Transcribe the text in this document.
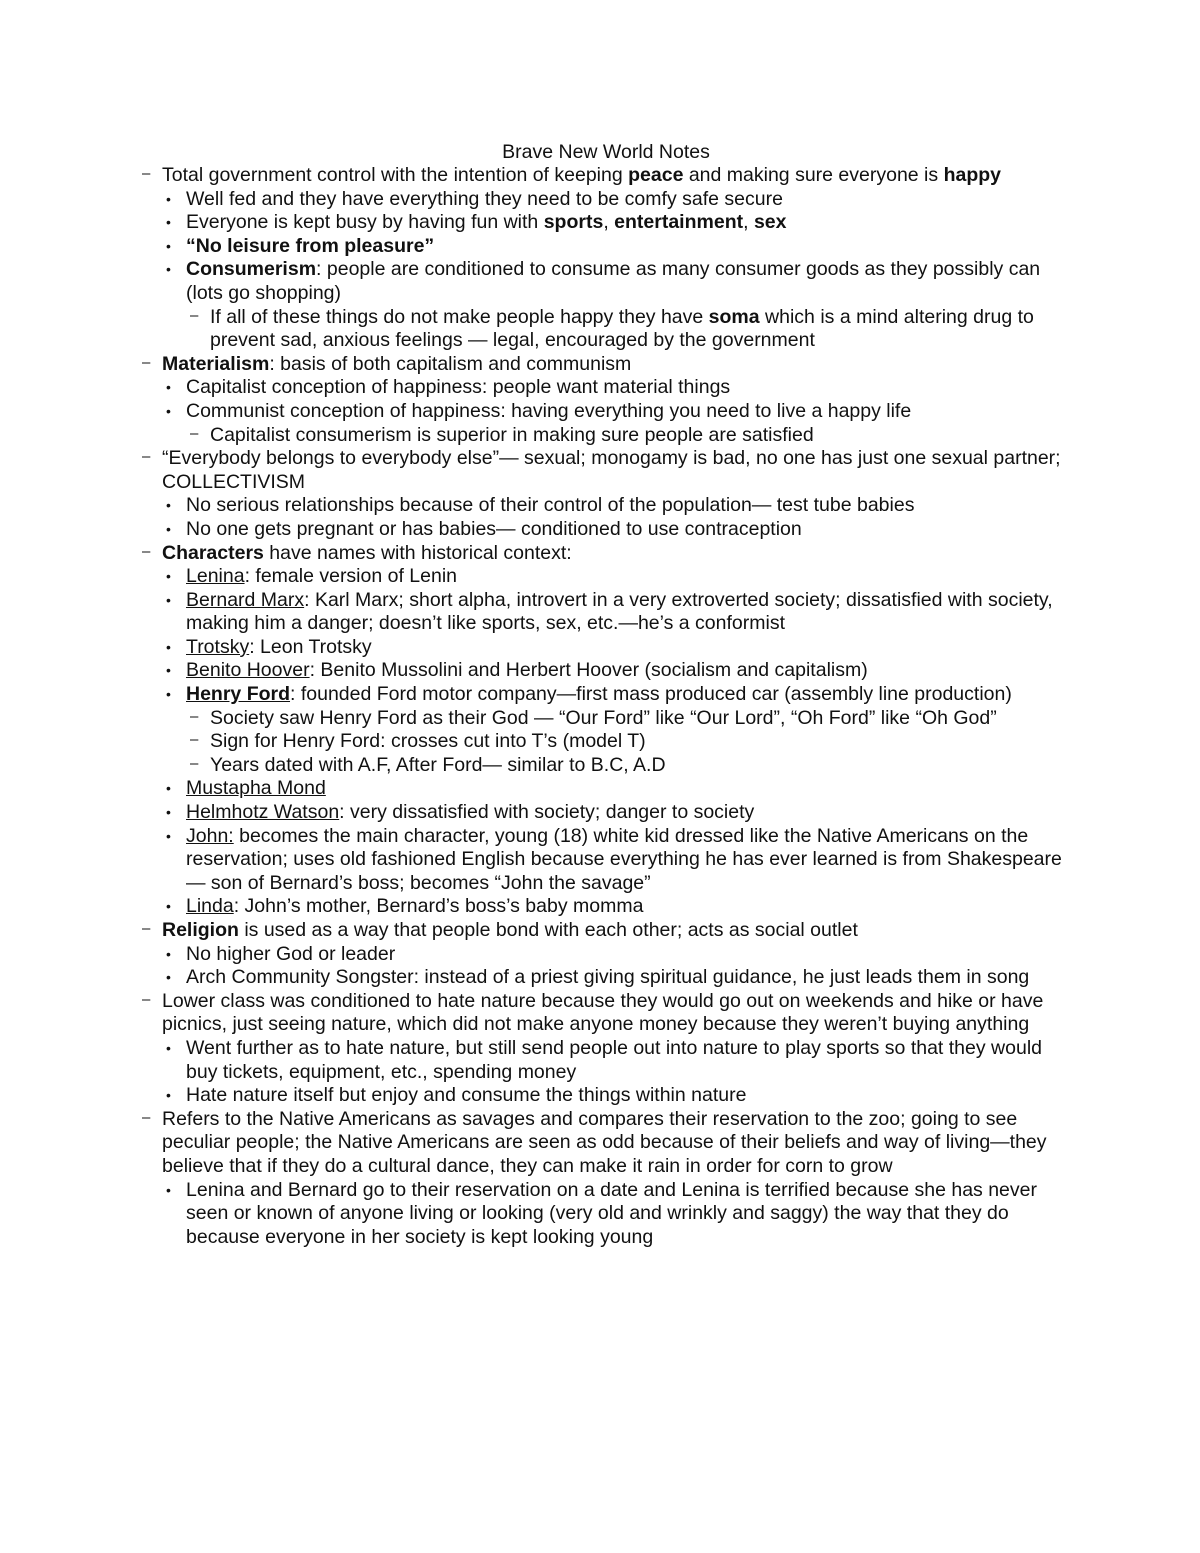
Brave New World Notes
– Total government control with the intention of keeping peace and making sure everyone is happy
• Well fed and they have everything they need to be comfy safe secure
• Everyone is kept busy by having fun with sports, entertainment, sex
• “No leisure from pleasure”
• Consumerism: people are conditioned to consume as many consumer goods as they possibly can (lots go shopping)
– If all of these things do not make people happy they have soma which is a mind altering drug to prevent sad, anxious feelings — legal, encouraged by the government
– Materialism: basis of both capitalism and communism
• Capitalist conception of happiness: people want material things
• Communist conception of happiness: having everything you need to live a happy life
– Capitalist consumerism is superior in making sure people are satisfied
– “Everybody belongs to everybody else”— sexual; monogamy is bad, no one has just one sexual partner; COLLECTIVISM
• No serious relationships because of their control of the population— test tube babies
• No one gets pregnant or has babies— conditioned to use contraception
– Characters have names with historical context:
• Lenina: female version of Lenin
• Bernard Marx: Karl Marx; short alpha, introvert in a very extroverted society; dissatisfied with society, making him a danger; doesn’t like sports, sex, etc.—he’s a conformist
• Trotsky: Leon Trotsky
• Benito Hoover: Benito Mussolini and Herbert Hoover (socialism and capitalism)
• Henry Ford: founded Ford motor company—first mass produced car (assembly line production)
– Society saw Henry Ford as their God — “Our Ford” like “Our Lord”, “Oh Ford” like “Oh God”
– Sign for Henry Ford: crosses cut into T’s (model T)
– Years dated with A.F, After Ford— similar to B.C, A.D
• Mustapha Mond
• Helmhotz Watson: very dissatisfied with society; danger to society
• John: becomes the main character, young (18) white kid dressed like the Native Americans on the reservation; uses old fashioned English because everything he has ever learned is from Shakespeare— son of Bernard’s boss; becomes “John the savage”
• Linda: John’s mother, Bernard’s boss’s baby momma
– Religion is used as a way that people bond with each other; acts as social outlet
• No higher God or leader
• Arch Community Songster: instead of a priest giving spiritual guidance, he just leads them in song
– Lower class was conditioned to hate nature because they would go out on weekends and hike or have picnics, just seeing nature, which did not make anyone money because they weren’t buying anything
• Went further as to hate nature, but still send people out into nature to play sports so that they would buy tickets, equipment, etc., spending money
• Hate nature itself but enjoy and consume the things within nature
– Refers to the Native Americans as savages and compares their reservation to the zoo; going to see peculiar people; the Native Americans are seen as odd because of their beliefs and way of living—they believe that if they do a cultural dance, they can make it rain in order for corn to grow
• Lenina and Bernard go to their reservation on a date and Lenina is terrified because she has never seen or known of anyone living or looking (very old and wrinkly and saggy) the way that they do because everyone in her society is kept looking young
